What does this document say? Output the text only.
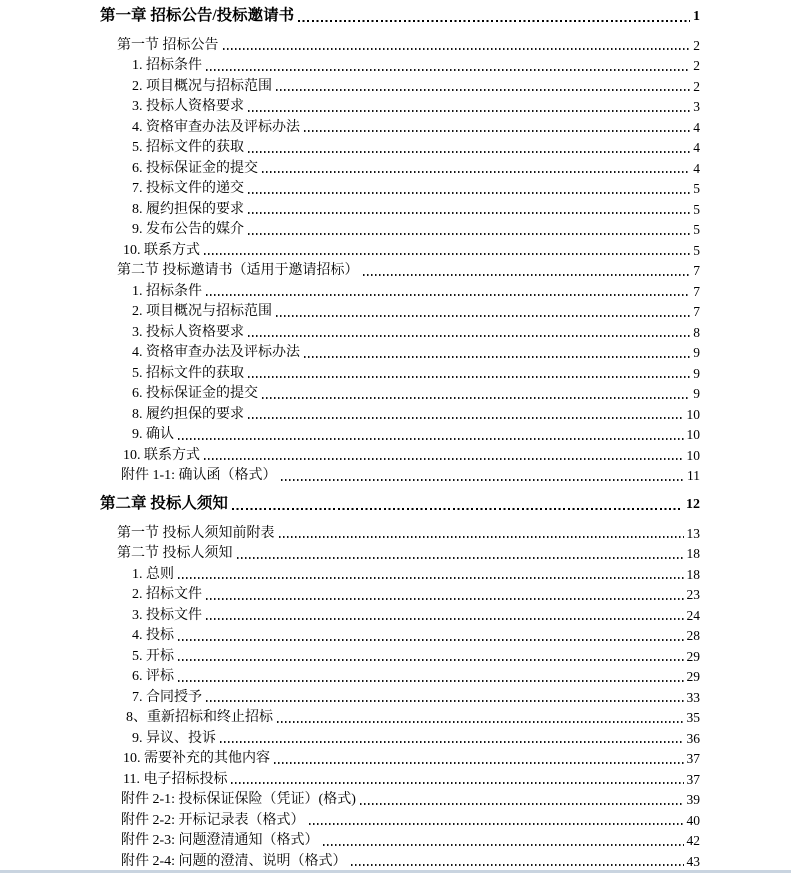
第一章 招标公告/投标邀请书	1
第一节 招标公告	2
1. 招标条件	2
2. 项目概况与招标范围	2
3. 投标人资格要求	3
4. 资格审查办法及评标办法	4
5. 招标文件的获取	4
6. 投标保证金的提交	4
7. 投标文件的递交	5
8. 履约担保的要求	5
9. 发布公告的媒介	5
10. 联系方式	5
第二节 投标邀请书（适用于邀请招标）	7
1. 招标条件	7
2. 项目概况与招标范围	7
3. 投标人资格要求	8
4. 资格审查办法及评标办法	9
5. 招标文件的获取	9
6. 投标保证金的提交	9
8. 履约担保的要求	10
9. 确认	10
10. 联系方式	10
附件 1-1: 确认函（格式）	11
第二章 投标人须知	12
第一节 投标人须知前附表	13
第二节 投标人须知	18
1. 总则	18
2. 招标文件	23
3. 投标文件	24
4. 投标	28
5. 开标	29
6. 评标	29
7. 合同授予	33
8、重新招标和终止招标	35
9. 异议、投诉	36
10. 需要补充的其他内容	37
11. 电子招标投标	37
附件 2-1: 投标保证保险（凭证）(格式)	39
附件 2-2: 开标记录表（格式）	40
附件 2-3: 问题澄清通知（格式）	42
附件 2-4: 问题的澄清、说明（格式）	43
